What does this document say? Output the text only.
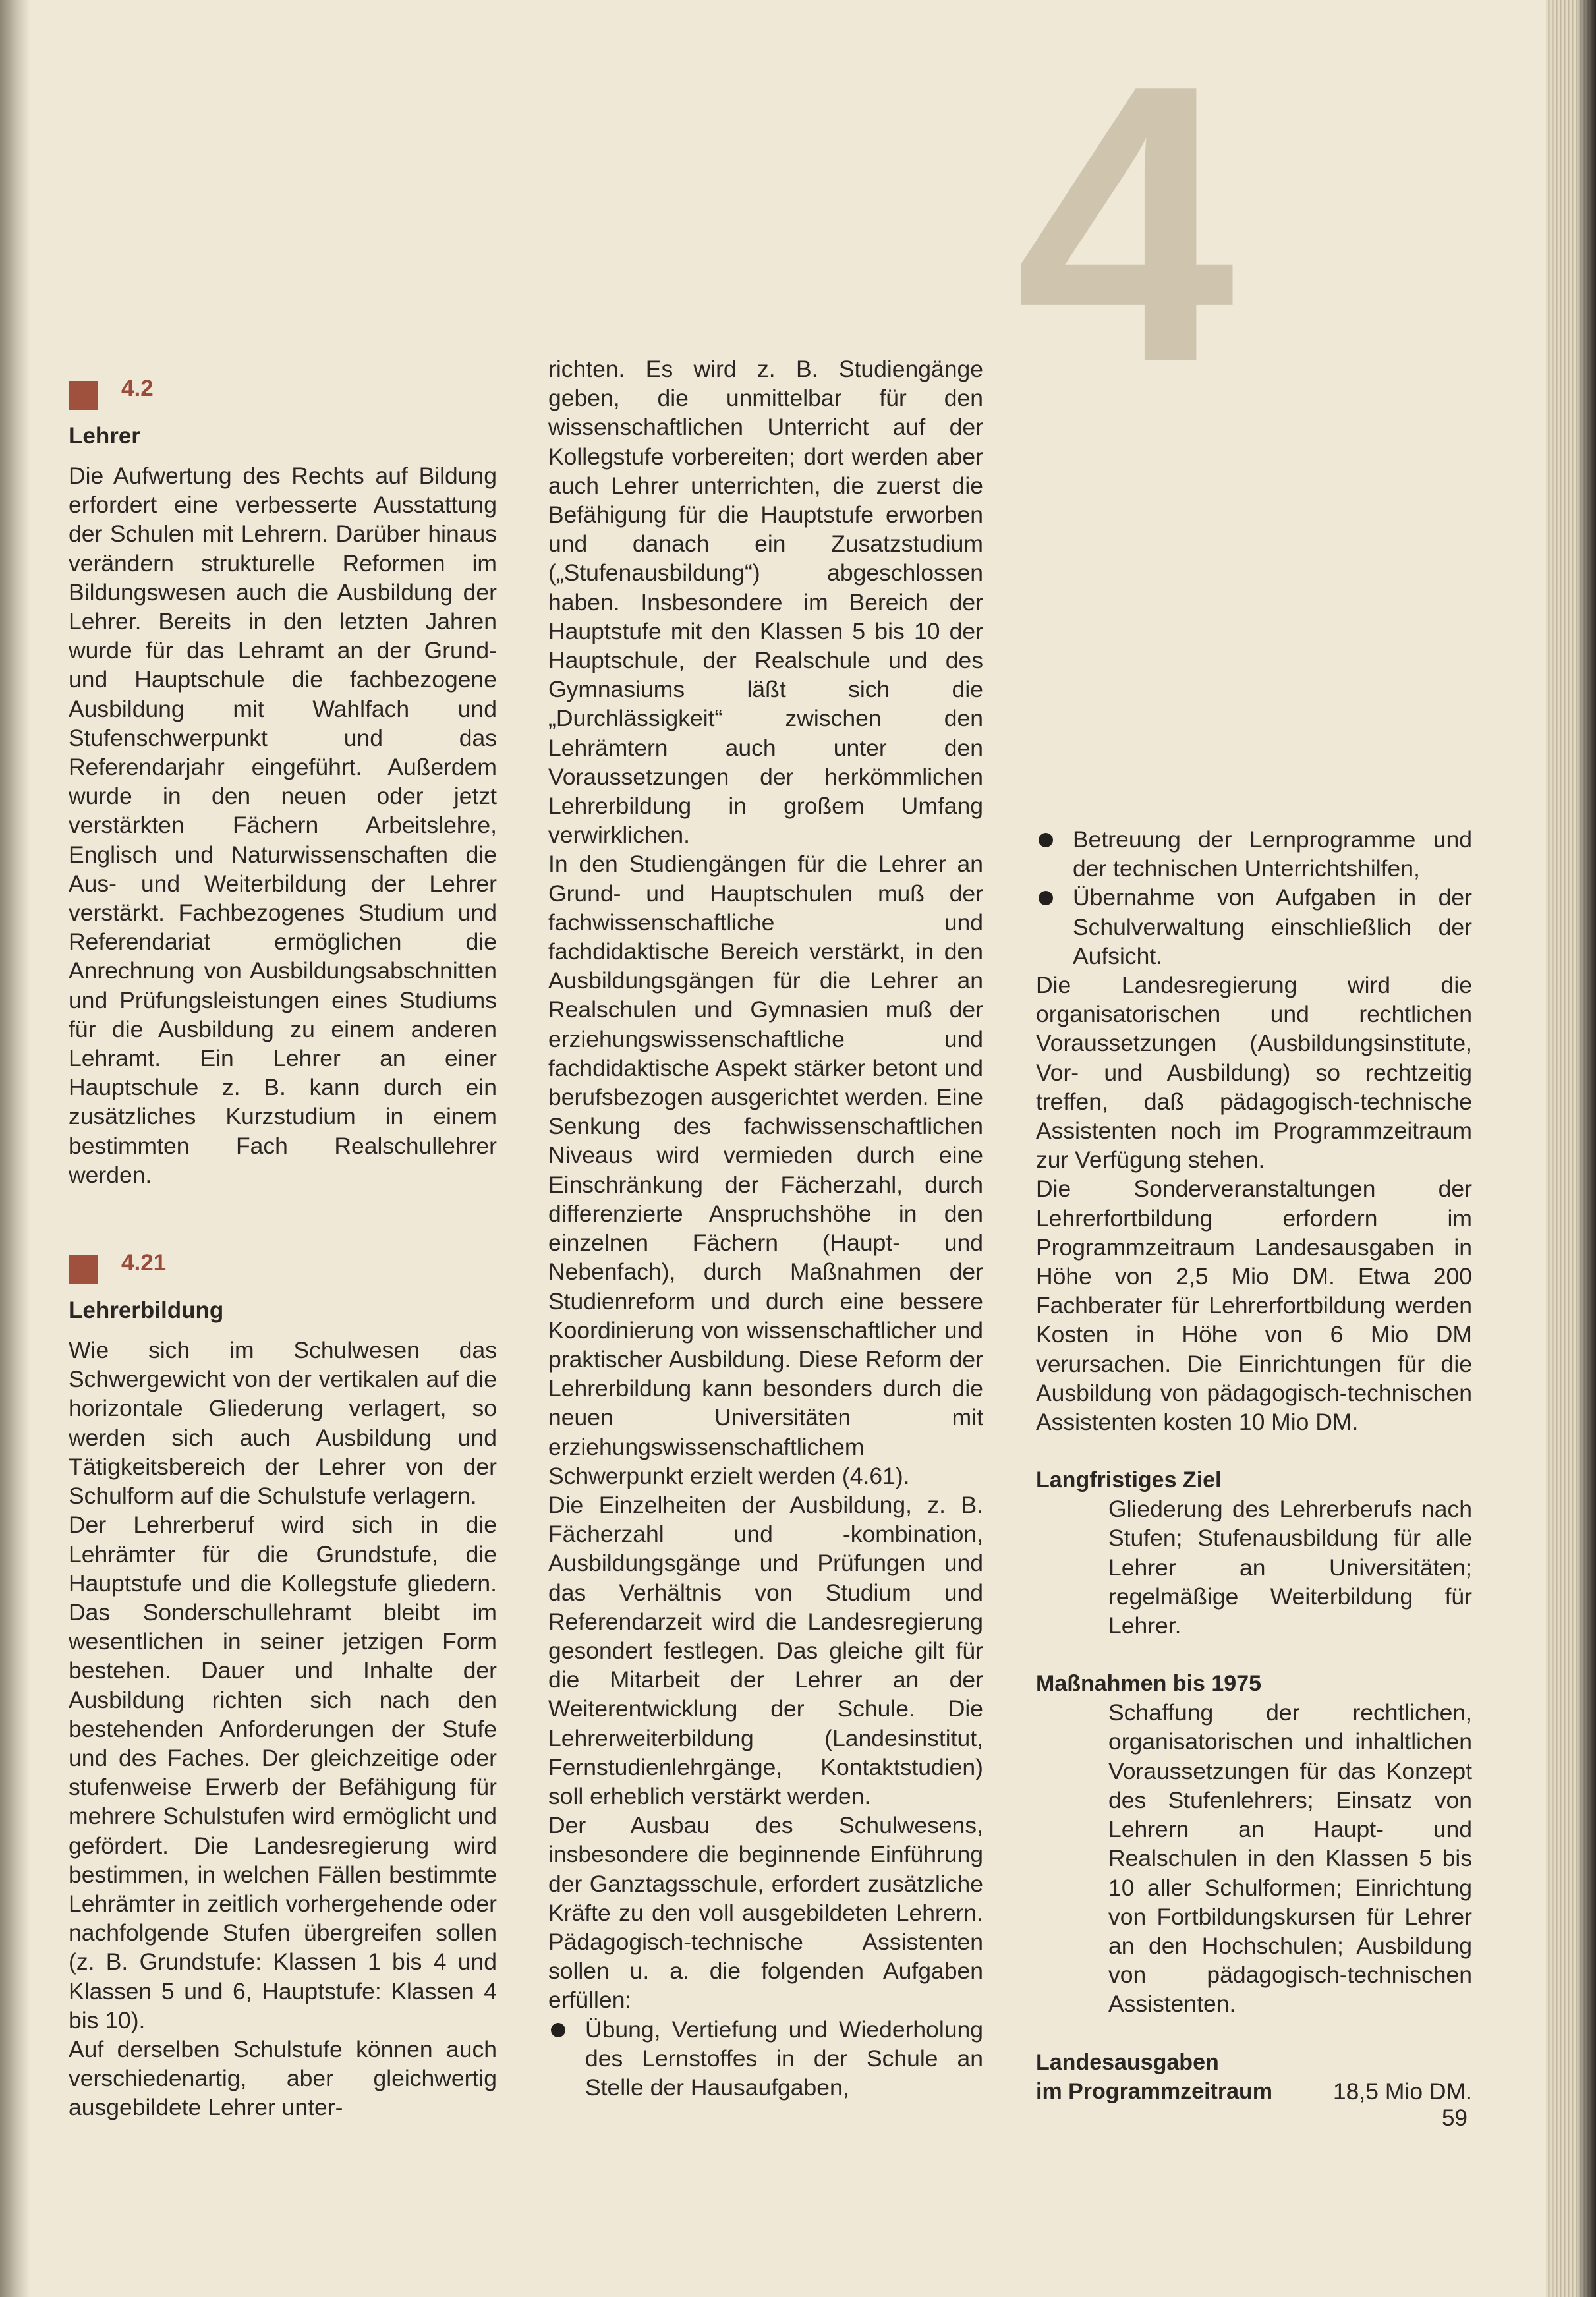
4
4.2
Lehrer

Die Aufwertung des Rechts auf Bildung erfordert eine verbesserte Ausstattung der Schulen mit Lehrern. Darüber hinaus verändern strukturelle Reformen im Bildungswesen auch die Ausbildung der Lehrer. Bereits in den letzten Jahren wurde für das Lehramt an der Grund- und Hauptschule die fachbezogene Ausbildung mit Wahlfach und Stufenschwerpunkt und das Referendarjahr eingeführt. Außerdem wurde in den neuen oder jetzt verstärkten Fächern Arbeitslehre, Englisch und Naturwissenschaften die Aus- und Weiterbildung der Lehrer verstärkt. Fachbezogenes Studium und Referendariat ermöglichen die Anrechnung von Ausbildungsabschnitten und Prüfungsleistungen eines Studiums für die Ausbildung zu einem anderen Lehramt. Ein Lehrer an einer Hauptschule z. B. kann durch ein zusätzliches Kurzstudium in einem bestimmten Fach Realschullehrer werden.

4.21
Lehrerbildung

Wie sich im Schulwesen das Schwergewicht von der vertikalen auf die horizontale Gliederung verlagert, so werden sich auch Ausbildung und Tätigkeitsbereich der Lehrer von der Schulform auf die Schulstufe verlagern.

Der Lehrerberuf wird sich in die Lehrämter für die Grundstufe, die Hauptstufe und die Kollegstufe gliedern. Das Sonderschullehramt bleibt im wesentlichen in seiner jetzigen Form bestehen. Dauer und Inhalte der Ausbildung richten sich nach den bestehenden Anforderungen der Stufe und des Faches. Der gleichzeitige oder stufenweise Erwerb der Befähigung für mehrere Schulstufen wird ermöglicht und gefördert. Die Landesregierung wird bestimmen, in welchen Fällen bestimmte Lehrämter in zeitlich vorhergehende oder nachfolgende Stufen übergreifen sollen (z. B. Grundstufe: Klassen 1 bis 4 und Klassen 5 und 6, Hauptstufe: Klassen 4 bis 10).

Auf derselben Schulstufe können auch verschiedenartig, aber gleichwertig ausgebildete Lehrer unter-

richten. Es wird z. B. Studiengänge geben, die unmittelbar für den wissenschaftlichen Unterricht auf der Kollegstufe vorbereiten; dort werden aber auch Lehrer unterrichten, die zuerst die Befähigung für die Hauptstufe erworben und danach ein Zusatzstudium („Stufenausbildung“) abgeschlossen haben. Insbesondere im Bereich der Hauptstufe mit den Klassen 5 bis 10 der Hauptschule, der Realschule und des Gymnasiums läßt sich die „Durchlässigkeit“ zwischen den Lehrämtern auch unter den Voraussetzungen der herkömmlichen Lehrerbildung in großem Umfang verwirklichen.

In den Studiengängen für die Lehrer an Grund- und Hauptschulen muß der fachwissenschaftliche und fachdidaktische Bereich verstärkt, in den Ausbildungsgängen für die Lehrer an Realschulen und Gymnasien muß der erziehungswissenschaftliche und fachdidaktische Aspekt stärker betont und berufsbezogen ausgerichtet werden. Eine Senkung des fachwissenschaftlichen Niveaus wird vermieden durch eine Einschränkung der Fächerzahl, durch differenzierte Anspruchshöhe in den einzelnen Fächern (Haupt- und Nebenfach), durch Maßnahmen der Studienreform und durch eine bessere Koordinierung von wissenschaftlicher und praktischer Ausbildung. Diese Reform der Lehrerbildung kann besonders durch die neuen Universitäten mit erziehungswissenschaftlichem Schwerpunkt erzielt werden (4.61).

Die Einzelheiten der Ausbildung, z. B. Fächerzahl und -kombination, Ausbildungsgänge und Prüfungen und das Verhältnis von Studium und Referendarzeit wird die Landesregierung gesondert festlegen. Das gleiche gilt für die Mitarbeit der Lehrer an der Weiterentwicklung der Schule. Die Lehrerweiterbildung (Landesinstitut, Fernstudienlehrgänge, Kontaktstudien) soll erheblich verstärkt werden.

Der Ausbau des Schulwesens, insbesondere die beginnende Einführung der Ganztagsschule, erfordert zusätzliche Kräfte zu den voll ausgebildeten Lehrern. Pädagogisch-technische Assistenten sollen u. a. die folgenden Aufgaben erfüllen:

Übung, Vertiefung und Wiederholung des Lernstoffes in der Schule an Stelle der Hausaufgaben,

Betreuung der Lernprogramme und der technischen Unterrichtshilfen,

Übernahme von Aufgaben in der Schulverwaltung einschließlich der Aufsicht.

Die Landesregierung wird die organisatorischen und rechtlichen Voraussetzungen (Ausbildungsinstitute, Vor- und Ausbildung) so rechtzeitig treffen, daß pädagogisch-technische Assistenten noch im Programmzeitraum zur Verfügung stehen.

Die Sonderveranstaltungen der Lehrerfortbildung erfordern im Programmzeitraum Landesausgaben in Höhe von 2,5 Mio DM. Etwa 200 Fachberater für Lehrerfortbildung werden Kosten in Höhe von 6 Mio DM verursachen. Die Einrichtungen für die Ausbildung von pädagogisch-technischen Assistenten kosten 10 Mio DM.

Langfristiges Ziel

Gliederung des Lehrerberufs nach Stufen; Stufenausbildung für alle Lehrer an Universitäten; regelmäßige Weiterbildung für Lehrer.

Maßnahmen bis 1975

Schaffung der rechtlichen, organisatorischen und inhaltlichen Voraussetzungen für das Konzept des Stufenlehrers; Einsatz von Lehrern an Haupt- und Realschulen in den Klassen 5 bis 10 aller Schulformen; Einrichtung von Fortbildungskursen für Lehrer an den Hochschulen; Ausbildung von pädagogisch-technischen Assistenten.

Landesausgaben
im Programmzeitraum	18,5 Mio DM.
59
